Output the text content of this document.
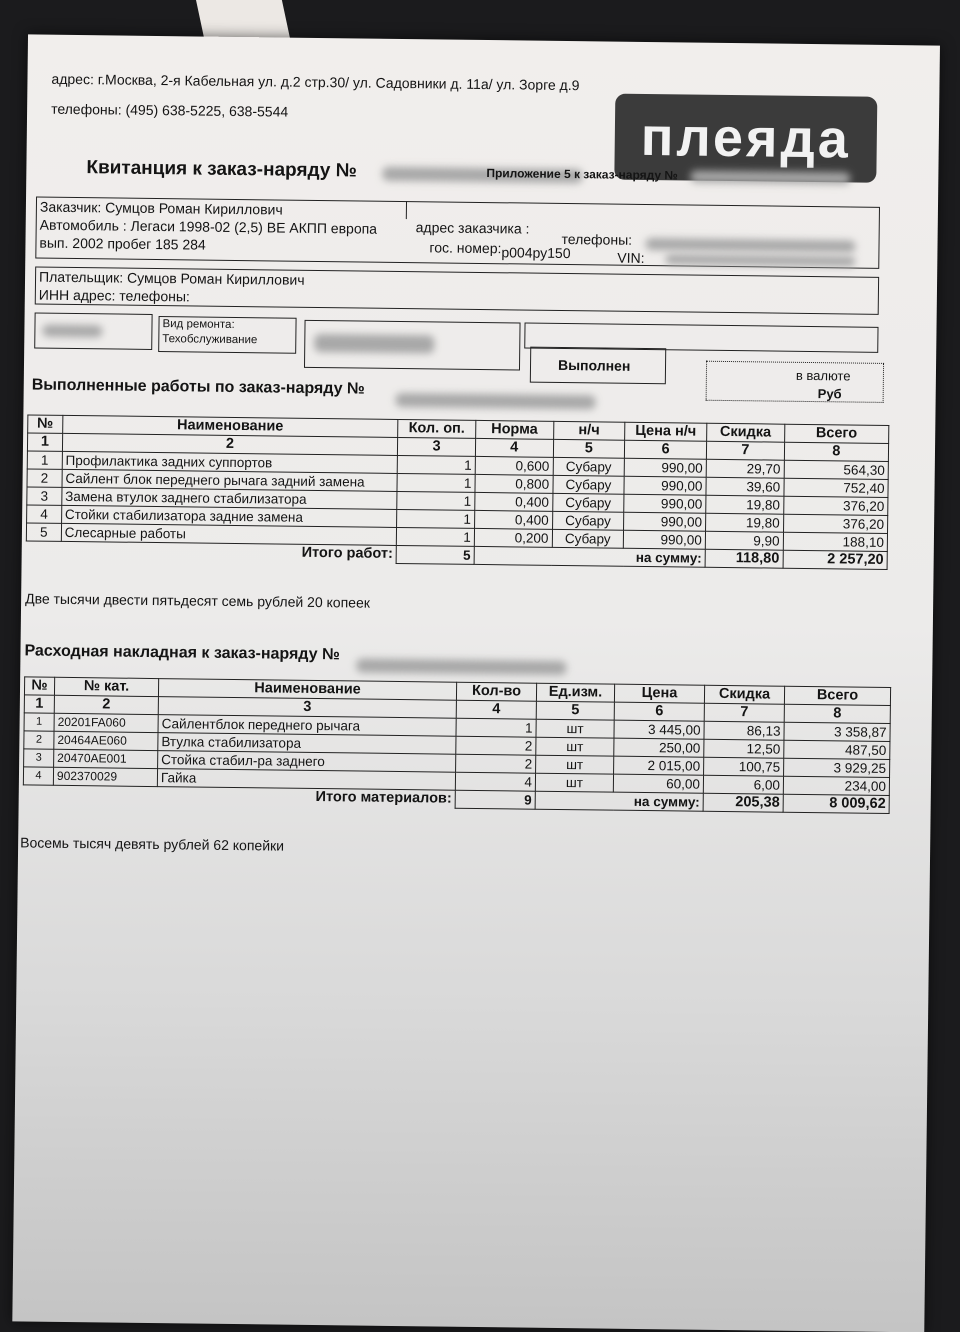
адрес: г.Москва, 2-я Кабельная ул. д.2 стр.30/ ул. Садовники д. 11а/ ул. Зорге д.9
телефоны: (495) 638-5225, 638-5544	плеяда
Квитанция к заказ-наряду №	Приложение 5 к заказ-наряду №
Заказчик: Сумцов Роман Кириллович
адрес заказчика :
телефоны:
Автомобиль : Легаси 1998-02 (2,5) ВЕ АКПП европа
гос. номер: р004ру150	VIN:
вып. 2002 пробег 185 284
Плательщик: Сумцов Роман Кириллович
ИНН адрес: телефоны:
Вид ремонта:
Техобслуживание
Выполнен
в валюте
Руб
Выполненные работы по заказ-наряду №
№	Наименование	Кол. оп.	Норма	н/ч	Цена н/ч	Скидка	Всего
1	2	3	4	5	6	7	8
1	Профилактика задних суппортов	1	0,600	Субару	990,00	29,70	564,30
2	Сайлент блок переднего рычага задний замена	1	0,800	Субару	990,00	39,60	752,40
3	Замена втулок заднего стабилизатора	1	0,400	Субару	990,00	19,80	376,20
4	Стойки стабилизатора задние замена	1	0,400	Субару	990,00	19,80	376,20
5	Слесарные работы	1	0,200	Субару	990,00	9,90	188,10
	Итого работ:	5	на сумму:			118,80	2 257,20
Две тысячи двести пятьдесят семь рублей 20 копеек
Расходная накладная к заказ-наряду №
№	№ кат.	Наименование	Кол-во	Ед.изм.	Цена	Скидка	Всего
1	2	3	4	5	6	7	8
1	20201FA060	Сайлентблок переднего рычага	1	шт	3 445,00	86,13	3 358,87
2	20464AE060	Втулка стабилизатора	2	шт	250,00	12,50	487,50
3	20470AE001	Стойка стабил-ра заднего	2	шт	2 015,00	100,75	3 929,25
4	902370029	Гайка	4	шт	60,00	6,00	234,00
		Итого материалов:	9	на сумму:		205,38	8 009,62
Восемь тысяч девять рублей 62 копейки
